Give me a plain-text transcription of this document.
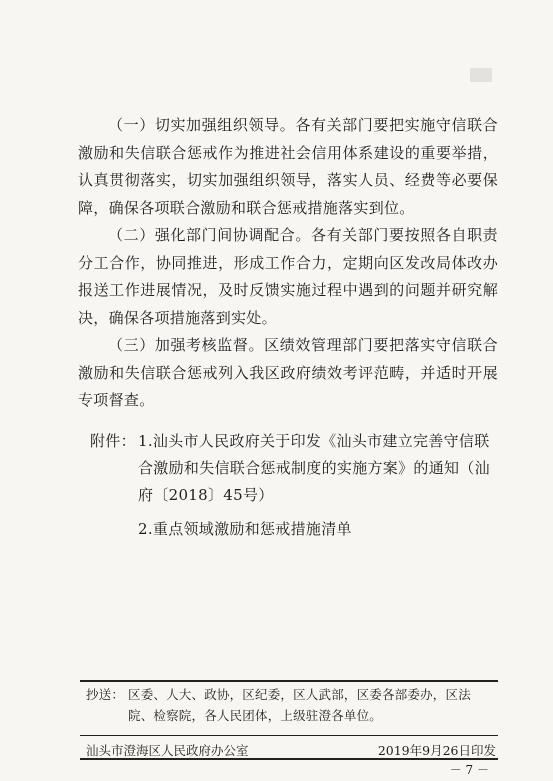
（一）切实加强组织领导。各有关部门要把实施守信联合激励和失信联合惩戒作为推进社会信用体系建设的重要举措，认真贯彻落实，切实加强组织领导，落实人员、经费等必要保障，确保各项联合激励和联合惩戒措施落实到位。

（二）强化部门间协调配合。各有关部门要按照各自职责分工合作，协同推进，形成工作合力，定期向区发改局体改办报送工作进展情况，及时反馈实施过程中遇到的问题并研究解决，确保各项措施落到实处。

（三）加强考核监督。区绩效管理部门要把落实守信联合激励和失信联合惩戒列入我区政府绩效考评范畴，并适时开展专项督查。

附件： 1.汕头市人民政府关于印发《汕头市建立完善守信联合激励和失信联合惩戒制度的实施方案》的通知（汕府〔2018〕45号）
2.重点领域激励和惩戒措施清单
抄送： 区委、人大、政协，区纪委，区人武部，区委各部委办，区法院、检察院，各人民团体，上级驻澄各单位。
汕头市澄海区人民政府办公室	2019年9月26日印发
－ 7 －
